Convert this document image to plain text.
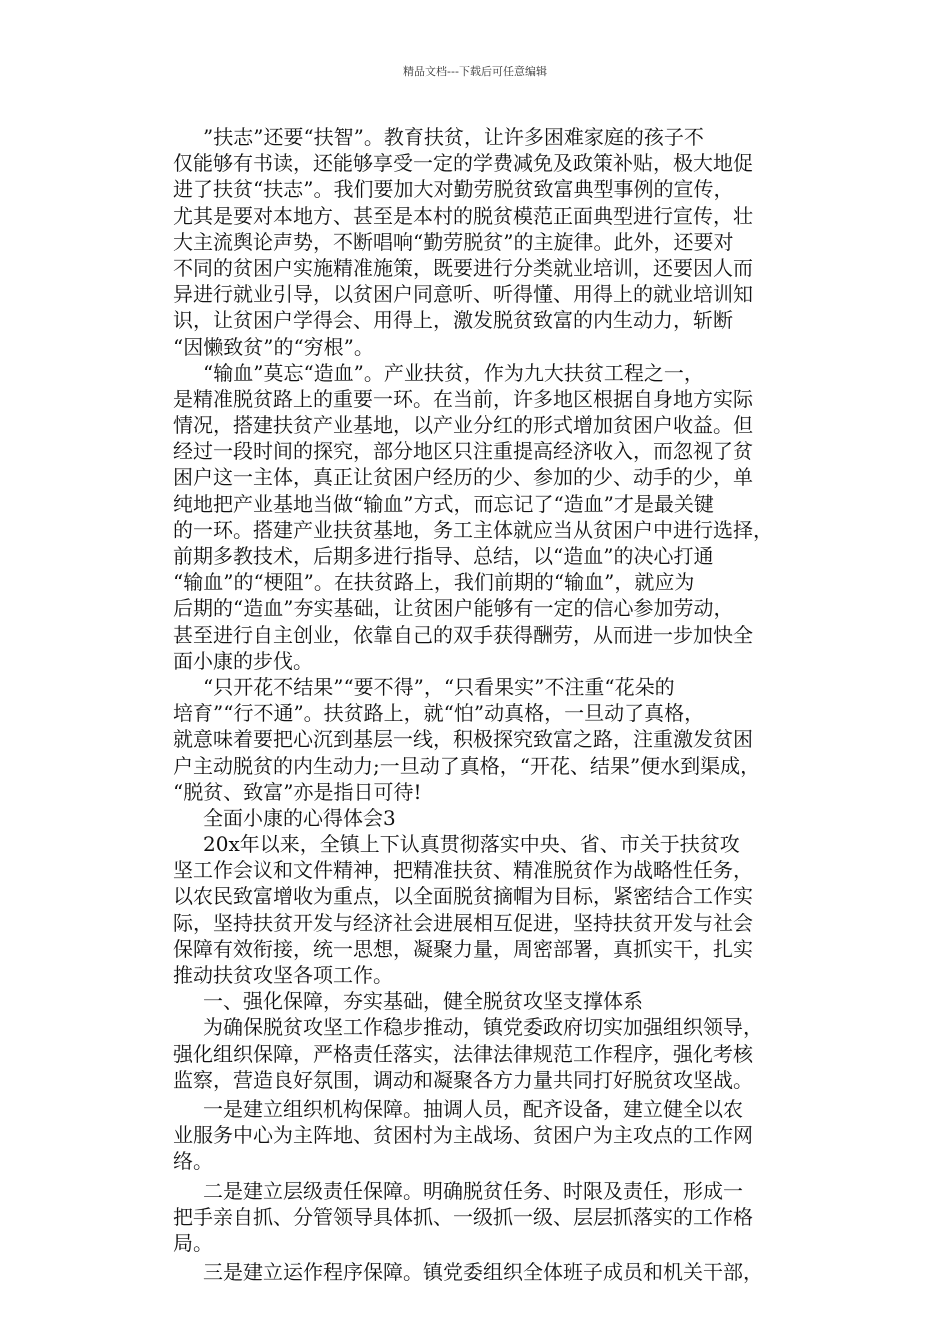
精品文档---下载后可任意编辑
”扶志”还要“扶智”。教育扶贫，让许多困难家庭的孩子不
仅能够有书读，还能够享受一定的学费减免及政策补贴，极大地促
进了扶贫“扶志”。我们要加大对勤劳脱贫致富典型事例的宣传，
尤其是要对本地方、甚至是本村的脱贫模范正面典型进行宣传，壮
大主流舆论声势，不断唱响“勤劳脱贫”的主旋律。此外，还要对
不同的贫困户实施精准施策，既要进行分类就业培训，还要因人而
异进行就业引导，以贫困户同意听、听得懂、用得上的就业培训知
识，让贫困户学得会、用得上，激发脱贫致富的内生动力，斩断
“因懒致贫”的“穷根”。
“输血”莫忘“造血”。产业扶贫，作为九大扶贫工程之一，
是精准脱贫路上的重要一环。在当前，许多地区根据自身地方实际
情况，搭建扶贫产业基地，以产业分红的形式增加贫困户收益。但
经过一段时间的探究，部分地区只注重提高经济收入，而忽视了贫
困户这一主体，真正让贫困户经历的少、参加的少、动手的少，单
纯地把产业基地当做“输血”方式，而忘记了“造血”才是最关键
的一环。搭建产业扶贫基地，务工主体就应当从贫困户中进行选择，
前期多教技术，后期多进行指导、总结，以“造血”的决心打通
“输血”的“梗阻”。在扶贫路上，我们前期的“输血”，就应为
后期的“造血”夯实基础，让贫困户能够有一定的信心参加劳动，
甚至进行自主创业，依靠自己的双手获得酬劳，从而进一步加快全
面小康的步伐。
“只开花不结果”“要不得”，“只看果实”不注重“花朵的
培育”“行不通”。扶贫路上，就“怕”动真格，一旦动了真格，
就意味着要把心沉到基层一线，积极探究致富之路，注重激发贫困
户主动脱贫的内生动力;一旦动了真格，“开花、结果”便水到渠成，
“脱贫、致富”亦是指日可待!
全面小康的心得体会3
20x年以来，全镇上下认真贯彻落实中央、省、市关于扶贫攻
坚工作会议和文件精神，把精准扶贫、精准脱贫作为战略性任务，
以农民致富增收为重点，以全面脱贫摘帽为目标，紧密结合工作实
际，坚持扶贫开发与经济社会进展相互促进，坚持扶贫开发与社会
保障有效衔接，统一思想，凝聚力量，周密部署，真抓实干，扎实
推动扶贫攻坚各项工作。
一、强化保障，夯实基础，健全脱贫攻坚支撑体系
为确保脱贫攻坚工作稳步推动，镇党委政府切实加强组织领导，
强化组织保障，严格责任落实，法律法律规范工作程序，强化考核
监察，营造良好氛围，调动和凝聚各方力量共同打好脱贫攻坚战。
一是建立组织机构保障。抽调人员，配齐设备，建立健全以农
业服务中心为主阵地、贫困村为主战场、贫困户为主攻点的工作网
络。
二是建立层级责任保障。明确脱贫任务、时限及责任，形成一
把手亲自抓、分管领导具体抓、一级抓一级、层层抓落实的工作格
局。
三是建立运作程序保障。镇党委组织全体班子成员和机关干部，
